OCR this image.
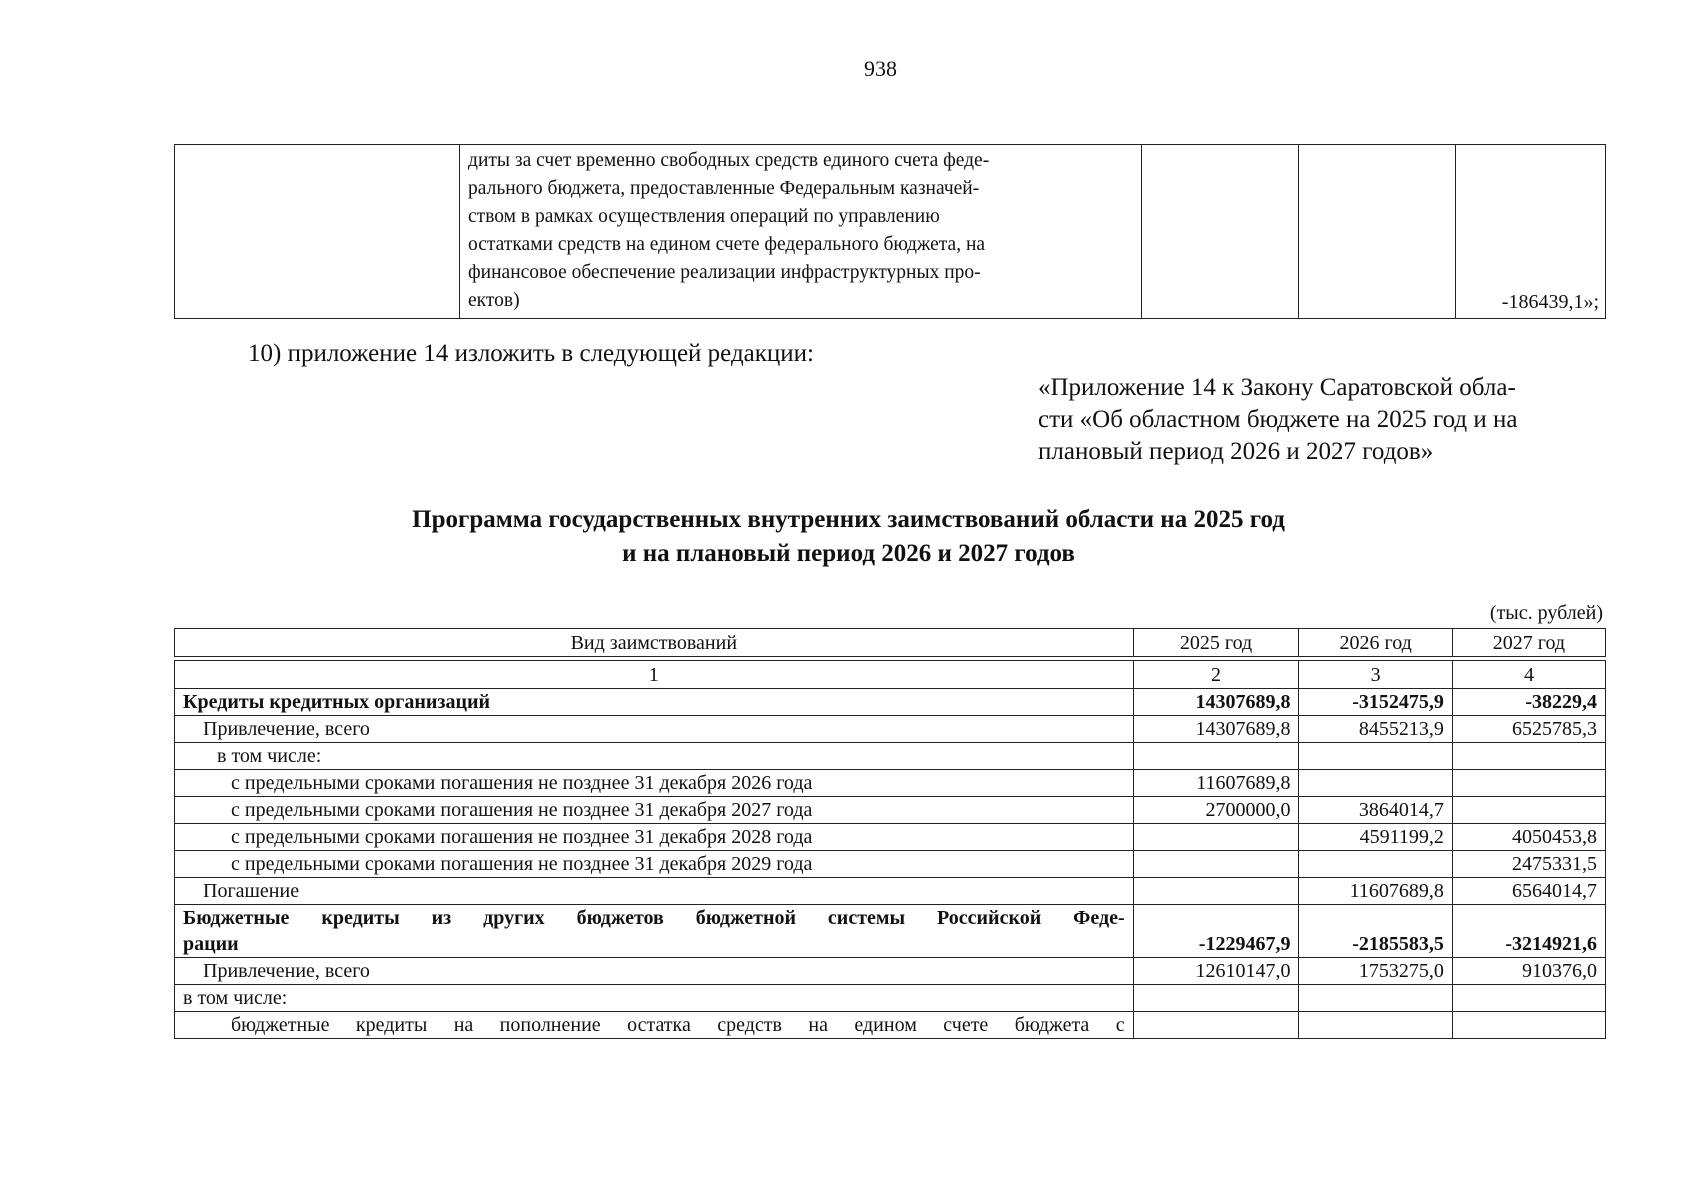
938

диты за счет временно свободных средств единого счета феде-
рального бюджета, предоставленные Федеральным казначей-
ством в рамках осуществления операций по управлению
остатками средств на едином счете федерального бюджета, на
финансовое обеспечение реализации инфраструктурных про-
ектов)			-186439,1»;
10) приложение 14 изложить в следующей редакции:
«Приложение 14 к Закону Саратовской обла-
сти «Об областном бюджете на 2025 год и на
плановый период 2026 и 2027 годов»
Программа государственных внутренних заимствований области на 2025 год
и на плановый период 2026 и 2027 годов
(тыс. рублей)
Вид заимствований	2025 год	2026 год	2027 год

1	2	3	4
Кредиты кредитных организаций	14307689,8	-3152475,9	-38229,4
Привлечение, всего	14307689,8	8455213,9	6525785,3
в том числе:			
с предельными сроками погашения не позднее 31 декабря 2026 года	11607689,8		
с предельными сроками погашения не позднее 31 декабря 2027 года	2700000,0	3864014,7	
с предельными сроками погашения не позднее 31 декабря 2028 года		4591199,2	4050453,8
с предельными сроками погашения не позднее 31 декабря 2029 года			2475331,5
Погашение		11607689,8	6564014,7

Бюджетные кредиты из других бюджетов бюджетной системы Российской Феде-
рации	-1229467,9	-2185583,5	-3214921,6
Привлечение, всего	12610147,0	1753275,0	910376,0
в том числе:			
бюджетные кредиты на пополнение остатка средств на едином счете бюджета с			
